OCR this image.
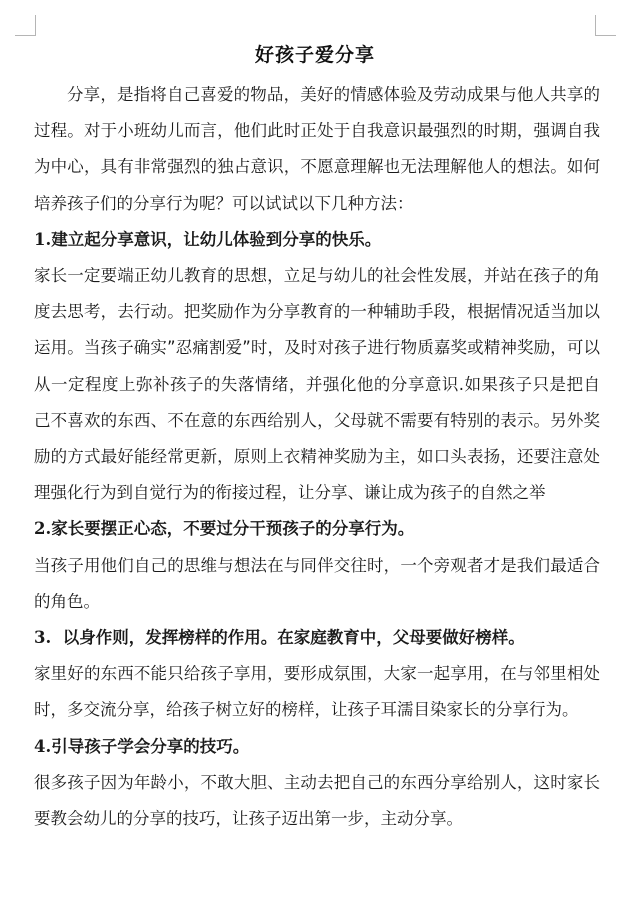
好孩子爱分享

分享，是指将自己喜爱的物品，美好的情感体验及劳动成果与他人共享的过程。对于小班幼儿而言，他们此时正处于自我意识最强烈的时期，强调自我为中心，具有非常强烈的独占意识，不愿意理解也无法理解他人的想法。如何培养孩子们的分享行为呢？可以试试以下几种方法：

1.建立起分享意识，让幼儿体验到分享的快乐。

家长一定要端正幼儿教育的思想，立足与幼儿的社会性发展，并站在孩子的角度去思考，去行动。把奖励作为分享教育的一种辅助手段，根据情况适当加以运用。当孩子确实”忍痛割爱”时，及时对孩子进行物质嘉奖或精神奖励，可以从一定程度上弥补孩子的失落情绪，并强化他的分享意识.如果孩子只是把自己不喜欢的东西、不在意的东西给别人，父母就不需要有特别的表示。另外奖励的方式最好能经常更新，原则上衣精神奖励为主，如口头表扬，还要注意处理强化行为到自觉行为的衔接过程，让分享、谦让成为孩子的自然之举

2.家长要摆正心态，不要过分干预孩子的分享行为。

当孩子用他们自己的思维与想法在与同伴交往时，一个旁观者才是我们最适合的角色。

3.  以身作则，发挥榜样的作用。在家庭教育中，父母要做好榜样。

家里好的东西不能只给孩子享用，要形成氛围，大家一起享用，在与邻里相处时，多交流分享，给孩子树立好的榜样，让孩子耳濡目染家长的分享行为。

4.引导孩子学会分享的技巧。

很多孩子因为年龄小，不敢大胆、主动去把自己的东西分享给别人，这时家长要教会幼儿的分享的技巧，让孩子迈出第一步，主动分享。
